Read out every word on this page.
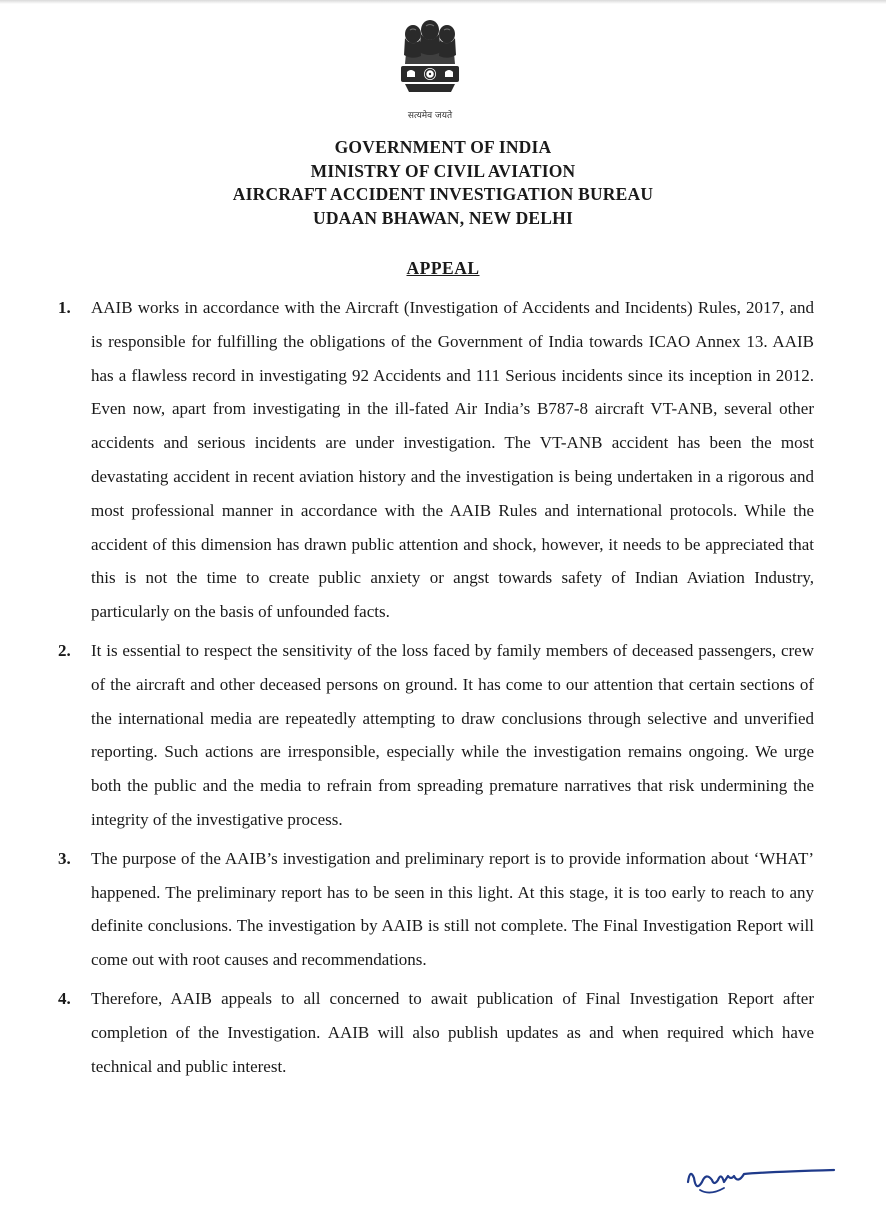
सत्यमेव जयते
GOVERNMENT OF INDIA
MINISTRY OF CIVIL AVIATION
AIRCRAFT ACCIDENT INVESTIGATION BUREAU
UDAAN BHAWAN, NEW DELHI
APPEAL
1. AAIB works in accordance with the Aircraft (Investigation of Accidents and Incidents) Rules, 2017, and is responsible for fulfilling the obligations of the Government of India towards ICAO Annex 13. AAIB has a flawless record in investigating 92 Accidents and 111 Serious incidents since its inception in 2012. Even now, apart from investigating in the ill-fated Air India’s B787-8 aircraft VT-ANB, several other accidents and serious incidents are under investigation. The VT-ANB accident has been the most devastating accident in recent aviation history and the investigation is being undertaken in a rigorous and most professional manner in accordance with the AAIB Rules and international protocols. While the accident of this dimension has drawn public attention and shock, however, it needs to be appreciated that this is not the time to create public anxiety or angst towards safety of Indian Aviation Industry, particularly on the basis of unfounded facts.
2. It is essential to respect the sensitivity of the loss faced by family members of deceased passengers, crew of the aircraft and other deceased persons on ground. It has come to our attention that certain sections of the international media are repeatedly attempting to draw conclusions through selective and unverified reporting. Such actions are irresponsible, especially while the investigation remains ongoing. We urge both the public and the media to refrain from spreading premature narratives that risk undermining the integrity of the investigative process.
3. The purpose of the AAIB’s investigation and preliminary report is to provide information about ‘WHAT’ happened. The preliminary report has to be seen in this light. At this stage, it is too early to reach to any definite conclusions. The investigation by AAIB is still not complete. The Final Investigation Report will come out with root causes and recommendations.
4. Therefore, AAIB appeals to all concerned to await publication of Final Investigation Report after completion of the Investigation. AAIB will also publish updates as and when required which have technical and public interest.
